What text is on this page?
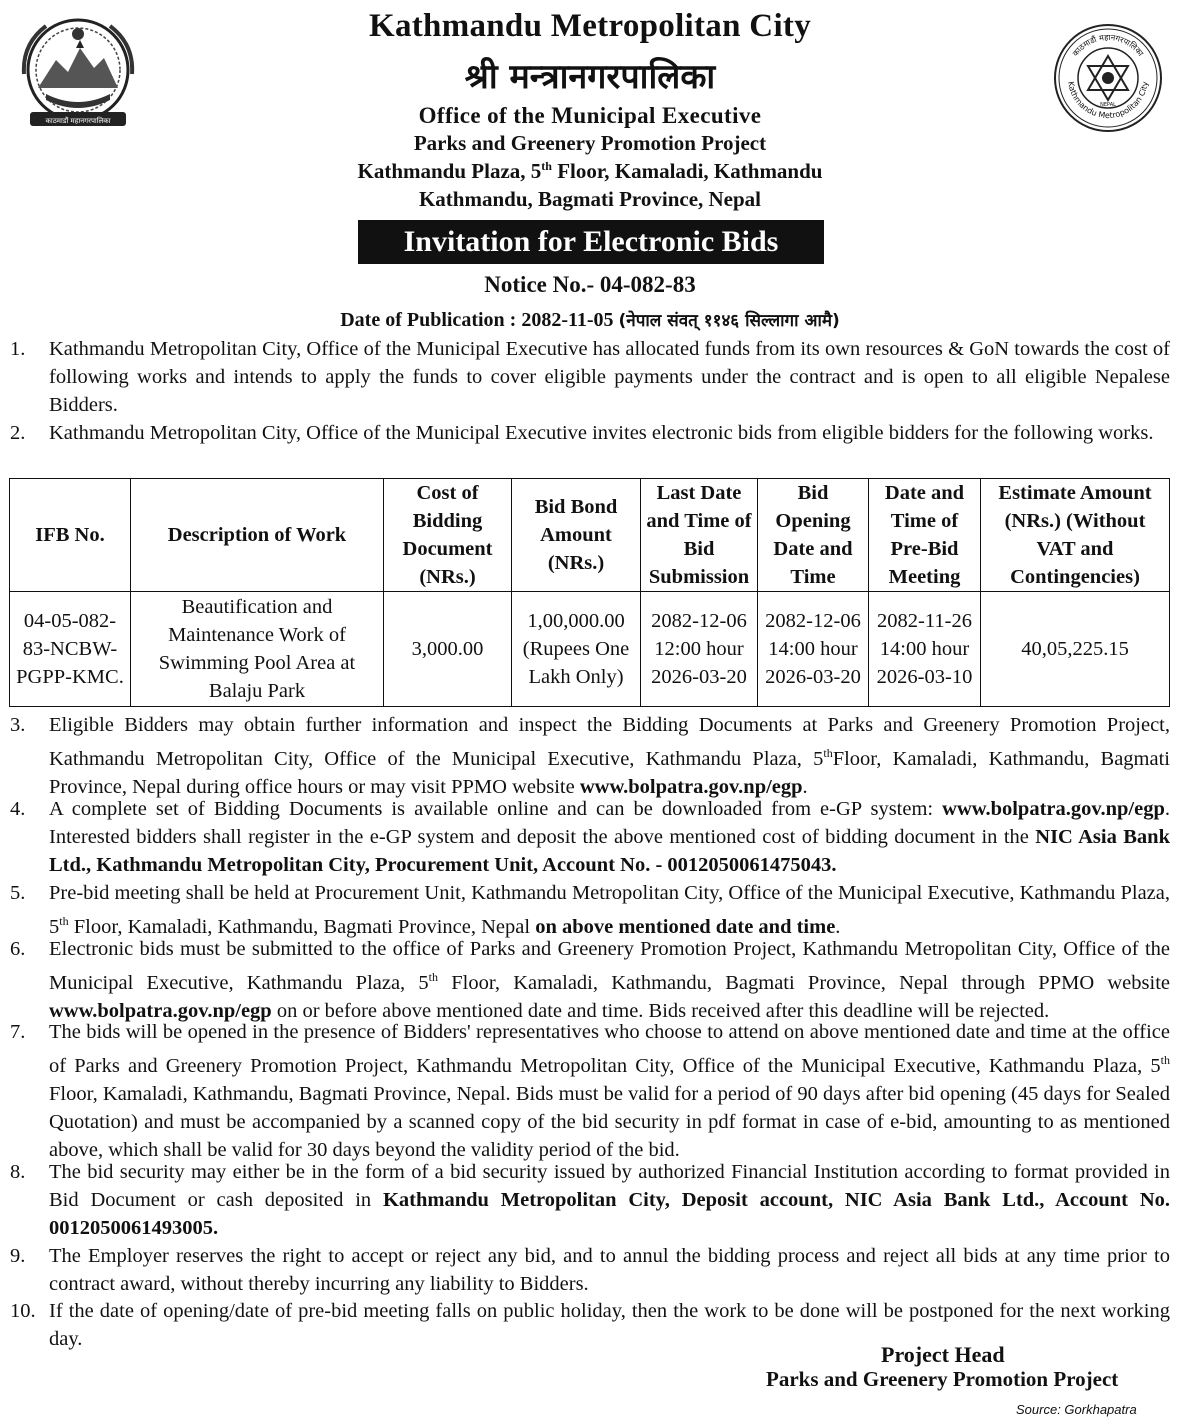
काठमाडौं महानगरपालिका
Kathmandu Metropolitan City
काठमाडौं महानगरपालिका
NEPAL
Kathmandu Metropolitan City
श्री मन्त्रानगरपालिका
Office of the Municipal Executive
Parks and Greenery Promotion Project
Kathmandu Plaza, 5th Floor, Kamaladi, Kathmandu
Kathmandu, Bagmati Province, Nepal
Invitation for Electronic Bids
Notice No.- 04-082-83
Date of Publication : 2082-11-05 (नेपाल संवत् ११४६ सिल्लागा आमै)

1. Kathmandu Metropolitan City, Office of the Municipal Executive has allocated funds from its own resources & GoN towards the cost of following works and intends to apply the funds to cover eligible payments under the contract and is open to all eligible Nepalese Bidders.

2. Kathmandu Metropolitan City, Office of the Municipal Executive invites electronic bids from eligible bidders for the following works.

IFB No.	Description of Work	Cost of Bidding Document (NRs.)	Bid Bond Amount (NRs.)	Last Date and Time of Bid Submission	Bid Opening Date and Time	Date and Time of Pre-Bid Meeting	Estimate Amount (NRs.) (Without VAT and Contingencies)
04-05-082-83-NCBW-PGPP-KMC.	Beautification and Maintenance Work of Swimming Pool Area at Balaju Park	3,000.00	1,00,000.00 (Rupees One Lakh Only)	2082-12-06 12:00 hour 2026-03-20	2082-12-06 14:00 hour 2026-03-20	2082-11-26 14:00 hour 2026-03-10	40,05,225.15

3. Eligible Bidders may obtain further information and inspect the Bidding Documents at Parks and Greenery Promotion Project, Kathmandu Metropolitan City, Office of the Municipal Executive, Kathmandu Plaza, 5thFloor, Kamaladi, Kathmandu, Bagmati Province, Nepal during office hours or may visit PPMO website www.bolpatra.gov.np/egp.

4. A complete set of Bidding Documents is available online and can be downloaded from e-GP system: www.bolpatra.gov.np/egp. Interested bidders shall register in the e-GP system and deposit the above mentioned cost of bidding document in the NIC Asia Bank Ltd., Kathmandu Metropolitan City, Procurement Unit, Account No. - 0012050061475043.

5. Pre-bid meeting shall be held at Procurement Unit, Kathmandu Metropolitan City, Office of the Municipal Executive, Kathmandu Plaza, 5th Floor, Kamaladi, Kathmandu, Bagmati Province, Nepal on above mentioned date and time.

6. Electronic bids must be submitted to the office of Parks and Greenery Promotion Project, Kathmandu Metropolitan City, Office of the Municipal Executive, Kathmandu Plaza, 5th Floor, Kamaladi, Kathmandu, Bagmati Province, Nepal through PPMO website www.bolpatra.gov.np/egp on or before above mentioned date and time. Bids received after this deadline will be rejected.

7. The bids will be opened in the presence of Bidders' representatives who choose to attend on above mentioned date and time at the office of Parks and Greenery Promotion Project, Kathmandu Metropolitan City, Office of the Municipal Executive, Kathmandu Plaza, 5th Floor, Kamaladi, Kathmandu, Bagmati Province, Nepal. Bids must be valid for a period of 90 days after bid opening (45 days for Sealed Quotation) and must be accompanied by a scanned copy of the bid security in pdf format in case of e-bid, amounting to as mentioned above, which shall be valid for 30 days beyond the validity period of the bid.

8. The bid security may either be in the form of a bid security issued by authorized Financial Institution according to format provided in Bid Document or cash deposited in Kathmandu Metropolitan City, Deposit account, NIC Asia Bank Ltd., Account No. 0012050061493005.

9. The Employer reserves the right to accept or reject any bid, and to annul the bidding process and reject all bids at any time prior to contract award, without thereby incurring any liability to Bidders.

10. If the date of opening/date of pre-bid meeting falls on public holiday, then the work to be done will be postponed for the next working day.

Project Head
Parks and Greenery Promotion Project
Source: Gorkhapatra
